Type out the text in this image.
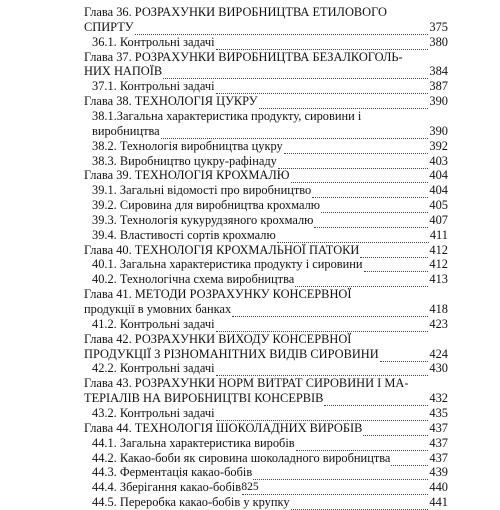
Глава 36. РОЗРАХУНКИ ВИРОБНИЦТВА ЕТИЛОВОГО
СПИРТУ	375
36.1. Контрольні задачі	380
Глава 37. РОЗРАХУНКИ ВИРОБНИЦТВА БЕЗАЛКОГОЛЬ-
НИХ НАПОЇВ	384
37.1. Контрольні задачі	387
Глава 38. ТЕХНОЛОГІЯ ЦУКРУ	390
38.1.Загальна характеристика продукту, сировини і
виробництва	390
38.2. Технологія виробництва цукру	392
38.3. Виробництво цукру-рафінаду	403
Глава 39. ТЕХНОЛОГІЯ КРОХМАЛЮ	404
39.1. Загальні відомості про виробництво	404
39.2. Сировина для виробництва крохмалю	405
39.3. Технологія кукурудзяного крохмалю	407
39.4. Властивості сортів крохмалю	411
Глава 40. ТЕХНОЛОГІЯ КРОХМАЛЬНОЇ ПАТОКИ	412
40.1. Загальна характеристика продукту і сировини	412
40.2. Технологічна схема виробництва	413
Глава 41. МЕТОДИ РОЗРАХУНКУ КОНСЕРВНОЇ
продукції в умовних банках	418
41.2. Контрольні задачі	423
Глава 42. РОЗРАХУНКИ ВИХОДУ КОНСЕРВНОЇ
ПРОДУКЦІЇ З РІЗНОМАНІТНИХ ВИДІВ СИРОВИНИ	424
42.2. Контрольні задачі	430
Глава 43. РОЗРАХУНКИ НОРМ ВИТРАТ СИРОВИНИ І МА-
ТЕРІАЛІВ НА ВИРОБНИЦТВІ КОНСЕРВІВ	432
43.2. Контрольні задачі	435
Глава 44. ТЕХНОЛОГІЯ ШОКОЛАДНИХ ВИРОБІВ	437
44.1. Загальна характеристика виробів	437
44.2. Какао-боби як сировина шоколадного виробництва	437
44.3. Ферментація какао-бобів	439
44.4. Зберігання какао-бобів	440
44.5. Переробка какао-бобів у крупку	441
825
